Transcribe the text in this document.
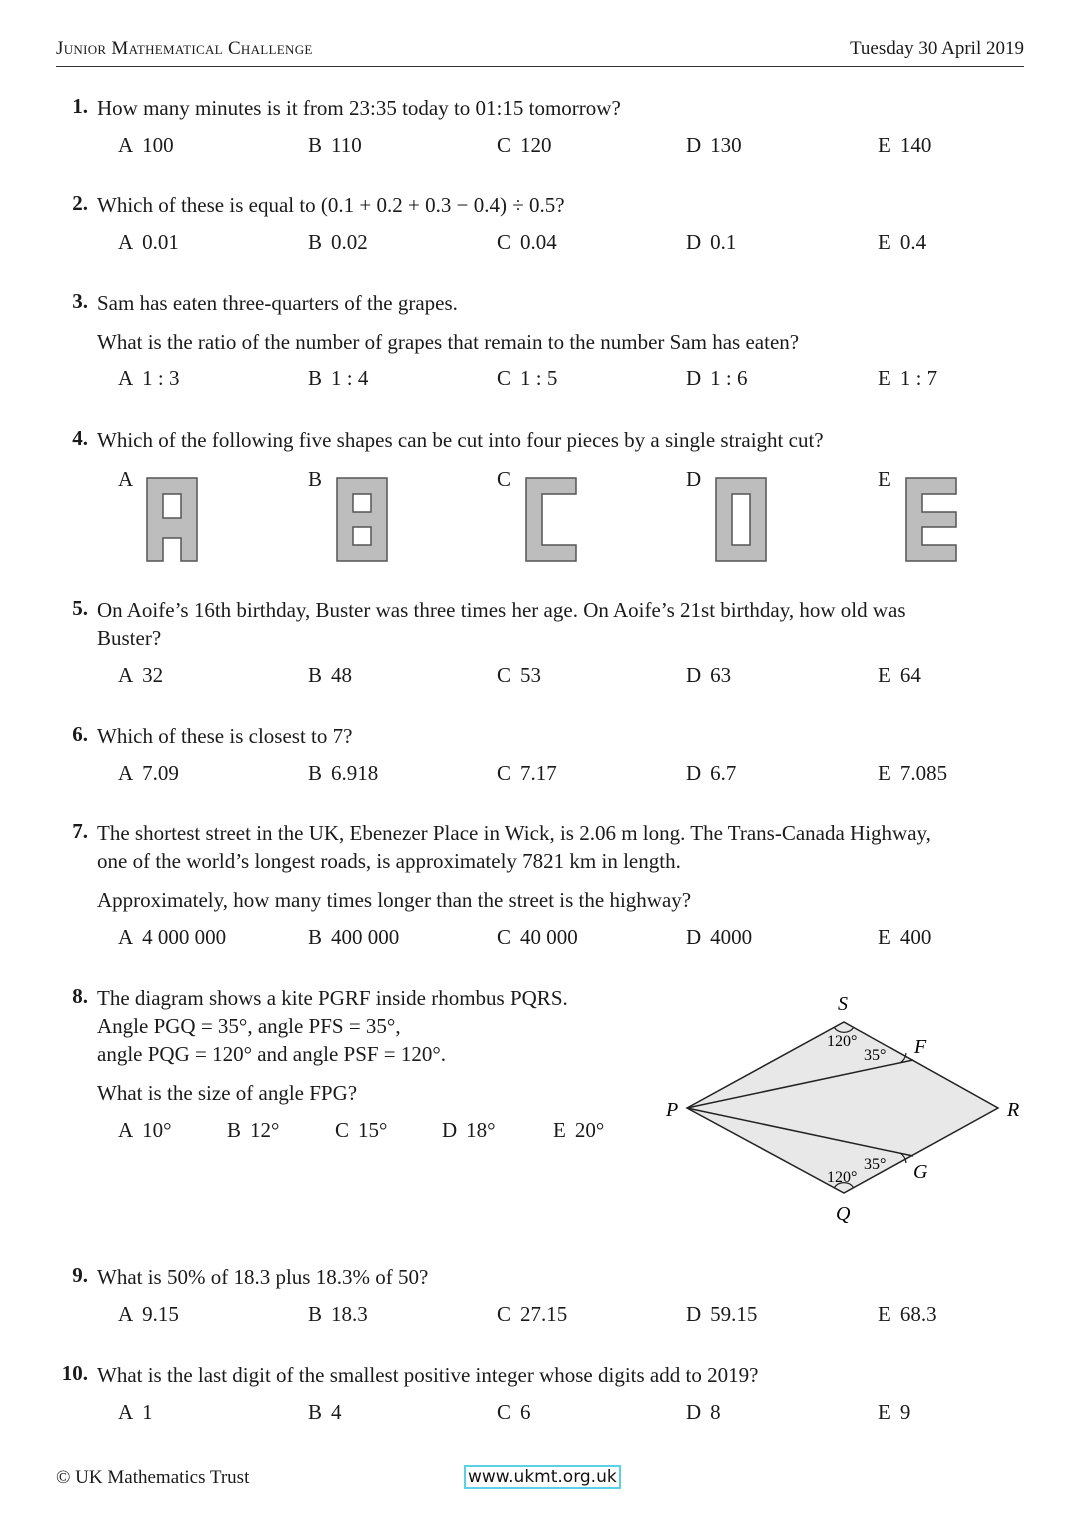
Junior Mathematical Challenge	Tuesday 30 April 2019
1. How many minutes is it from 23:35 today to 01:15 tomorrow?
A 100	B 110	C 120	D 130	E 140
2. Which of these is equal to (0.1 + 0.2 + 0.3 − 0.4) ÷ 0.5?
A 0.01	B 0.02	C 0.04	D 0.1	E 0.4
3. Sam has eaten three-quarters of the grapes.
What is the ratio of the number of grapes that remain to the number Sam has eaten?
A 1 : 3	B 1 : 4	C 1 : 5	D 1 : 6	E 1 : 7
4. Which of the following five shapes can be cut into four pieces by a single straight cut?
A	B	C	D	E
5. On Aoife’s 16th birthday, Buster was three times her age. On Aoife’s 21st birthday, how old was
Buster?
A 32	B 48	C 53	D 63	E 64
6. Which of these is closest to 7?
A 7.09	B 6.918	C 7.17	D 6.7	E 7.085
7. The shortest street in the UK, Ebenezer Place in Wick, is 2.06 m long. The Trans-Canada Highway,
one of the world’s longest roads, is approximately 7821 km in length.
Approximately, how many times longer than the street is the highway?
A 4 000 000	B 400 000	C 40 000	D 4000	E 400
8. The diagram shows a kite PGRF inside rhombus PQRS.
Angle PGQ = 35°, angle PFS = 35°,
angle PQG = 120° and angle PSF = 120°.
What is the size of angle FPG?
A 10°	B 12°	C 15°	D 18°	E 20°
S
F
P	R
G
Q
120°
35°
35°
120°
9. What is 50% of 18.3 plus 18.3% of 50?
A 9.15	B 18.3	C 27.15	D 59.15	E 68.3
10. What is the last digit of the smallest positive integer whose digits add to 2019?
A 1	B 4	C 6	D 8	E 9
© UK Mathematics Trust	www.ukmt.org.uk
